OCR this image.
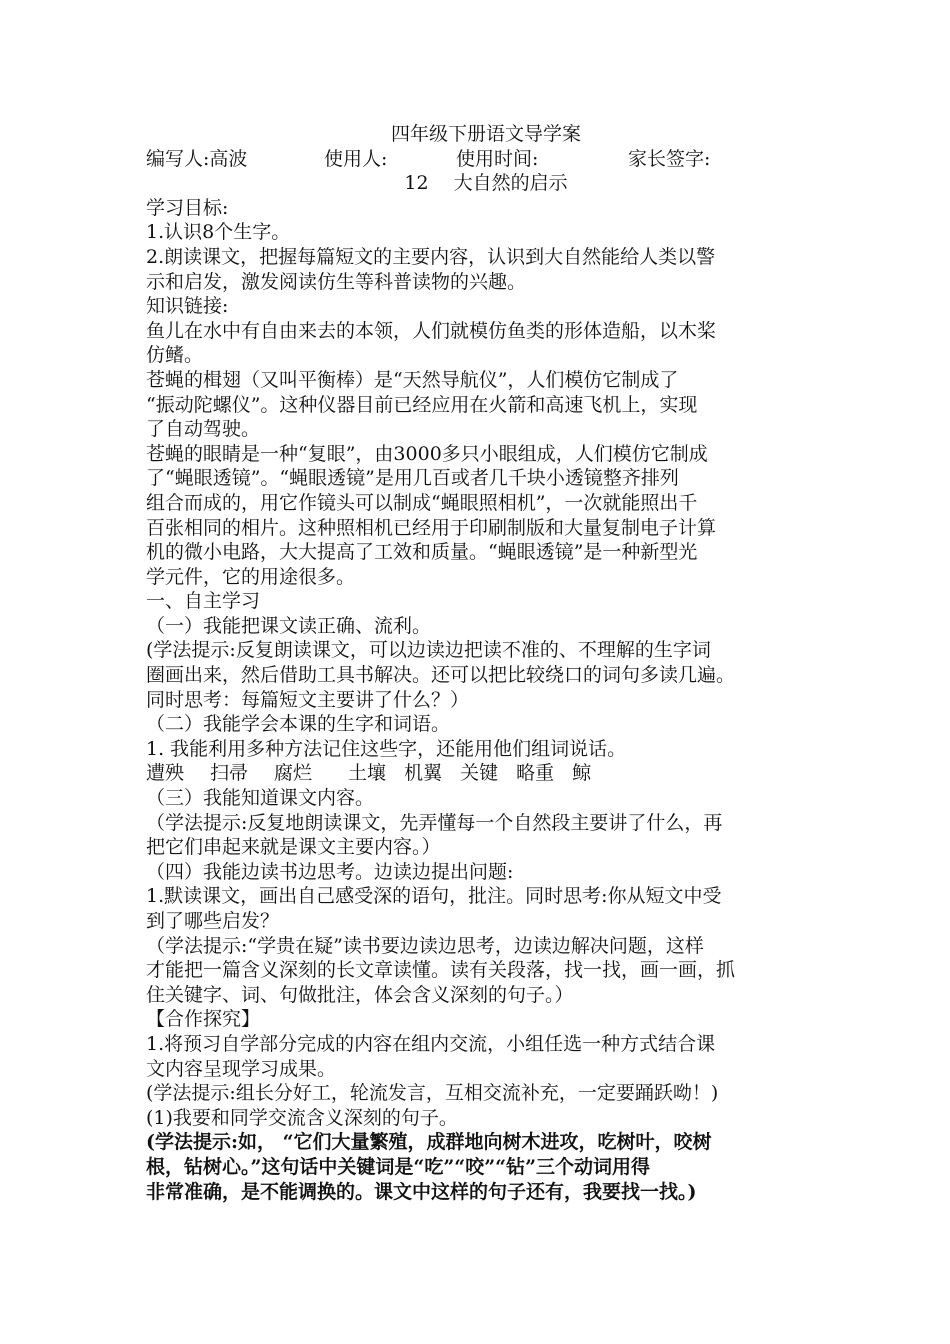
四年级下册语文导学案
编写人:高波	使用人:	使用时间:	家长签字:
12　 大自然的启示
学习目标:
1.认识8个生字。
2.朗读课文，把握每篇短文的主要内容，认识到大自然能给人类以警
示和启发，激发阅读仿生等科普读物的兴趣。
知识链接:
鱼儿在水中有自由来去的本领，人们就模仿鱼类的形体造船，以木桨
仿鳍。
苍蝇的楫翅（又叫平衡棒）是“天然导航仪”，人们模仿它制成了
“振动陀螺仪”。这种仪器目前已经应用在火箭和高速飞机上，实现
了自动驾驶。
苍蝇的眼睛是一种“复眼”，由3000多只小眼组成，人们模仿它制成
了“蝇眼透镜”。“蝇眼透镜”是用几百或者几千块小透镜整齐排列
组合而成的，用它作镜头可以制成“蝇眼照相机”，一次就能照出千
百张相同的相片。这种照相机已经用于印刷制版和大量复制电子计算
机的微小电路，大大提高了工效和质量。“蝇眼透镜”是一种新型光
学元件，它的用途很多。
一、自主学习
（一）我能把课文读正确、流利。
(学法提示:反复朗读课文，可以边读边把读不准的、不理解的生字词
圈画出来，然后借助工具书解决。还可以把比较绕口的词句多读几遍。
同时思考：每篇短文主要讲了什么？）
（二）我能学会本课的生字和词语。
1. 我能利用多种方法记住这些字，还能用他们组词说话。
遭殃 扫帚 腐烂 土壤 机翼 关键 略重 鲸
（三）我能知道课文内容。
（学法提示:反复地朗读课文，先弄懂每一个自然段主要讲了什么，再
把它们串起来就是课文主要内容。）
（四）我能边读书边思考。边读边提出问题:
1.默读课文，画出自己感受深的语句，批注。同时思考:你从短文中受
到了哪些启发？
（学法提示:“学贵在疑”读书要边读边思考，边读边解决问题，这样
才能把一篇含义深刻的长文章读懂。读有关段落，找一找，画一画，抓
住关键字、词、句做批注，体会含义深刻的句子。）
【合作探究】
1.将预习自学部分完成的内容在组内交流，小组任选一种方式结合课
文内容呈现学习成果。
(学法提示:组长分好工，轮流发言，互相交流补充，一定要踊跃呦！)
(1)我要和同学交流含义深刻的句子。
(学法提示:如， “它们大量繁殖，成群地向树木进攻，吃树叶，咬树
根，钻树心。”这句话中关键词是“吃”“咬”“钻”三个动词用得
非常准确，是不能调换的。课文中这样的句子还有，我要找一找。)
